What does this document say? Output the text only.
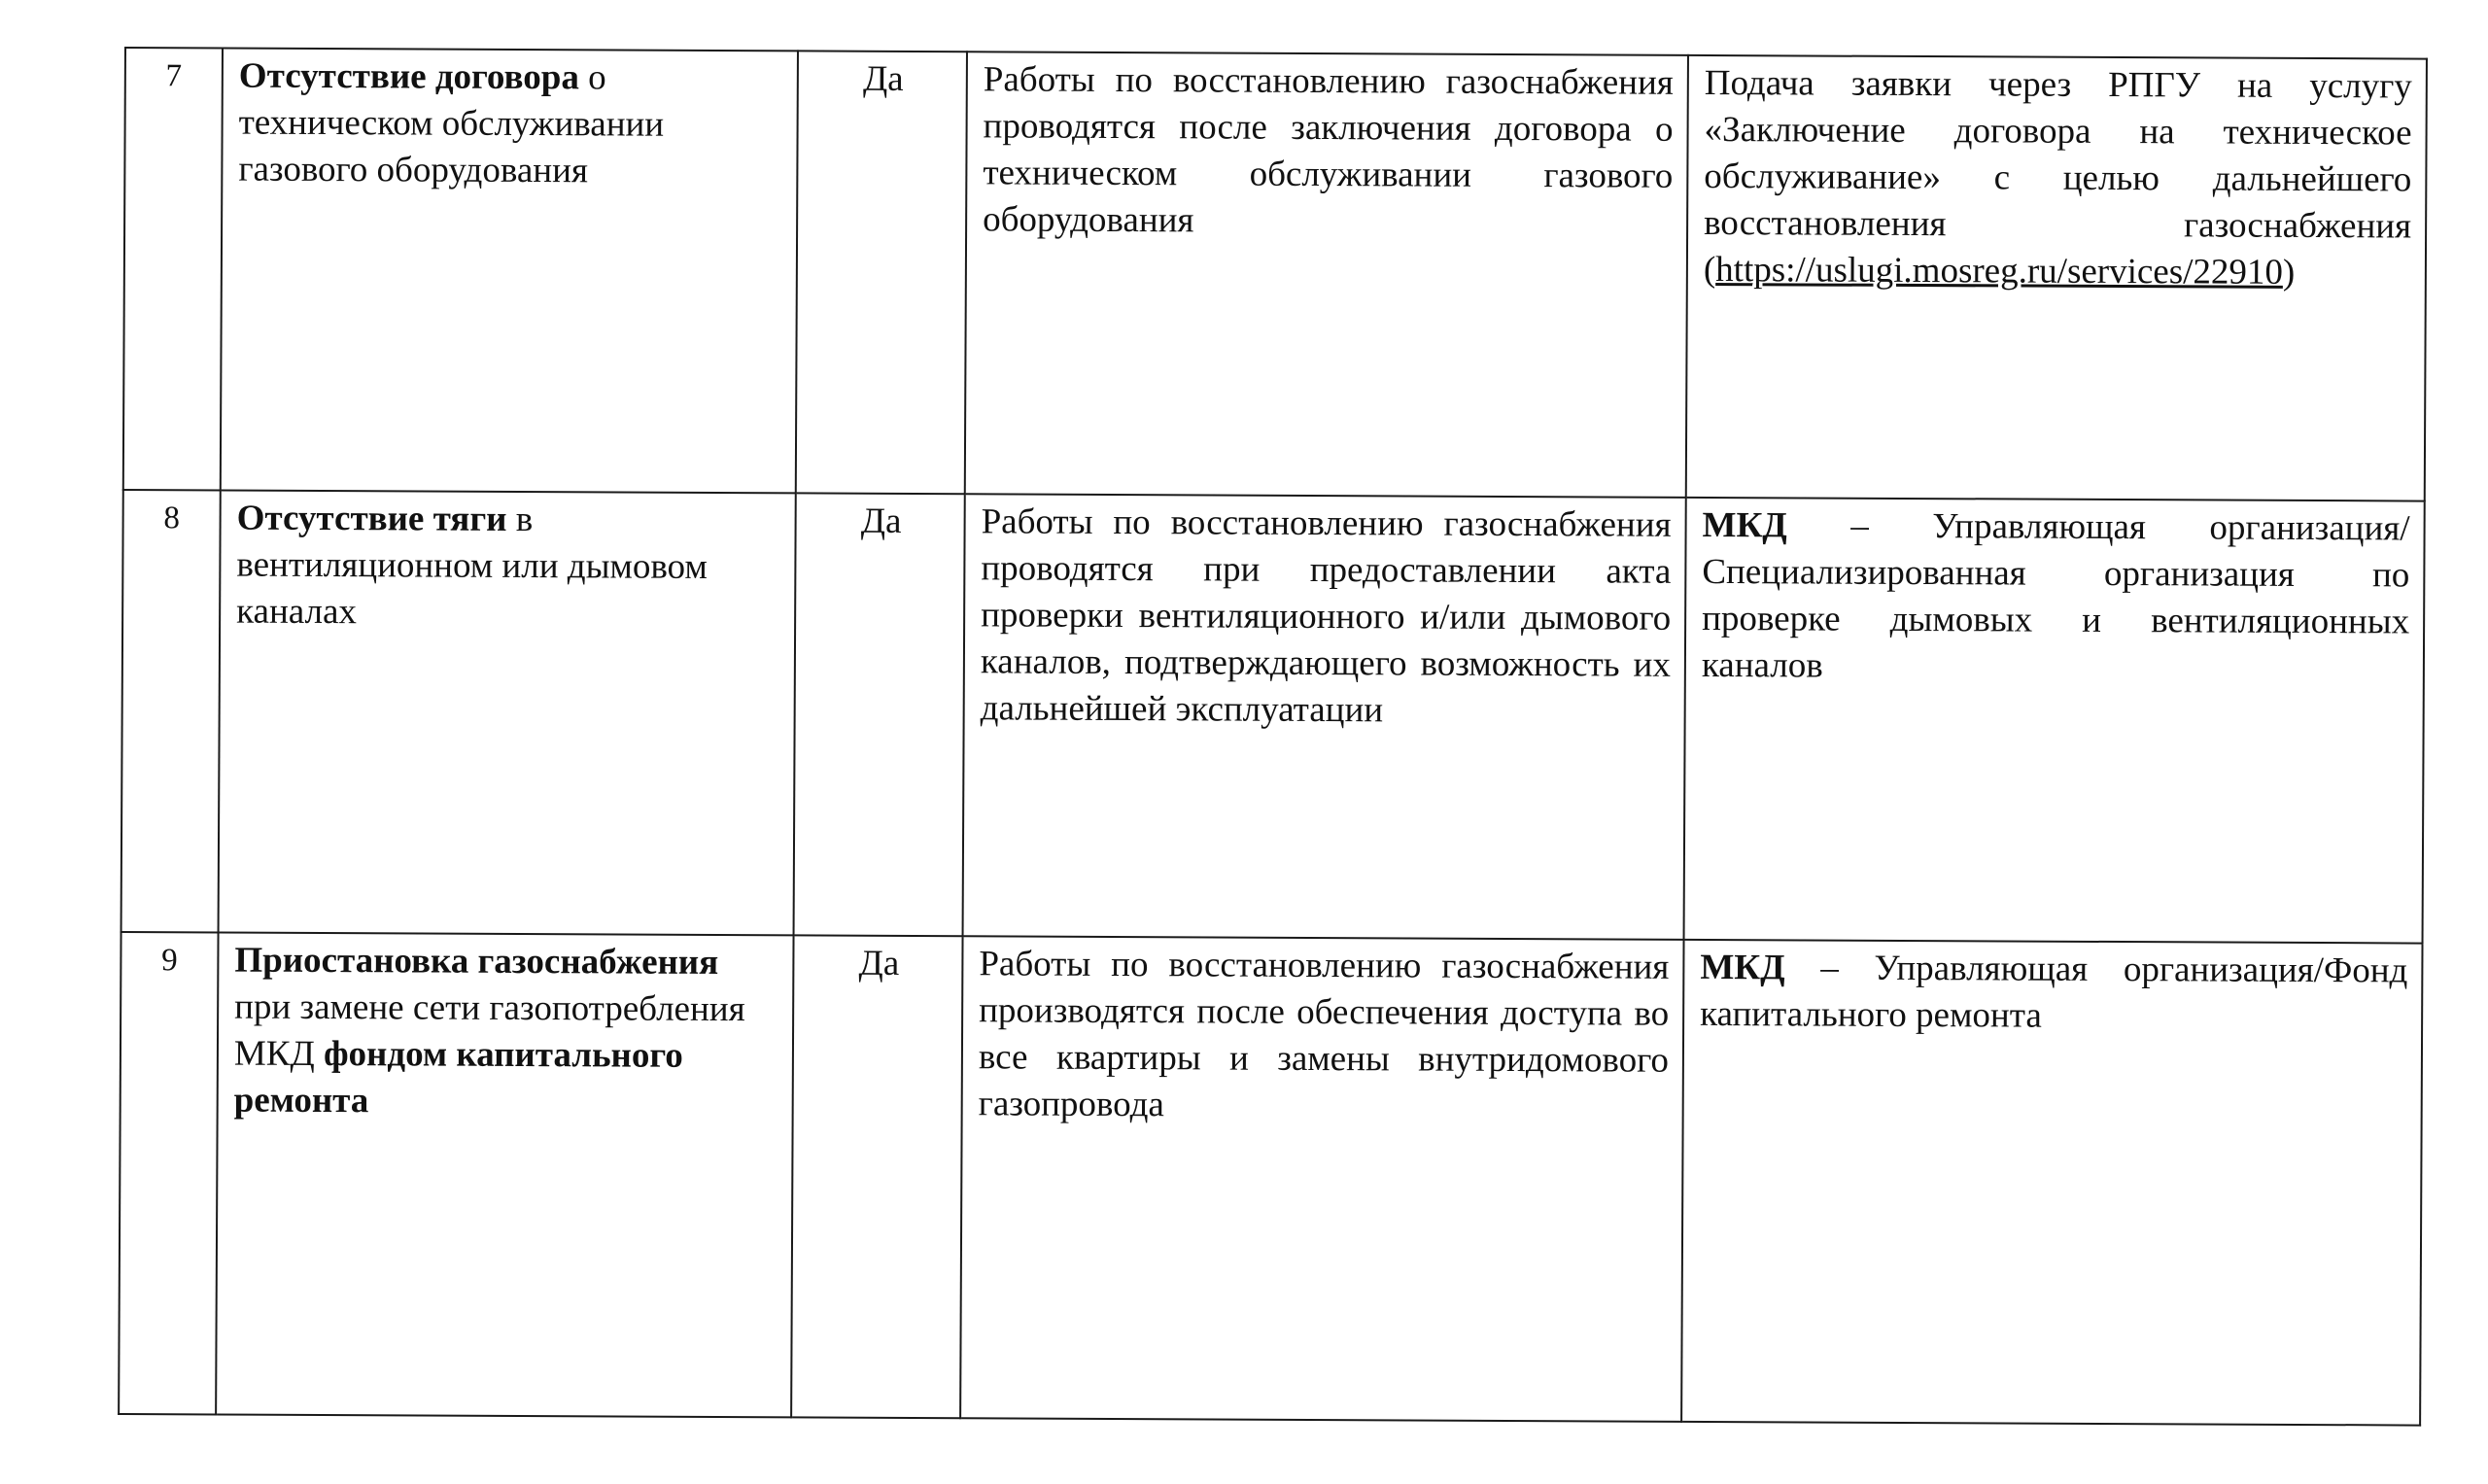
7	Отсутствие договора о техническом обслуживании газового оборудования	Да	Работы по восстановлению газоснабжения проводятся после заключения договора о техническом обслуживании газового оборудования	Подача заявки через РПГУ на услугу «Заключение договора на техническое обслуживание» с целью дальнейшего восстановления газоснабжения (https://uslugi.mosreg.ru/services/22910)
8	Отсутствие тяги в вентиляционном или дымовом каналах	Да	Работы по восстановлению газоснабжения проводятся при предоставлении акта проверки вентиляционного и/или дымового каналов, подтверждающего возможность их дальнейшей эксплуатации	МКД – Управляющая организация/ Специализированная организация по проверке дымовых и вентиляционных каналов
9	Приостановка газоснабжения при замене сети газопотребления МКД фондом капитального ремонта	Да	Работы по восстановлению газоснабжения производятся после обеспечения доступа во все квартиры и замены внутридомового газопровода	МКД – Управляющая организация/Фонд капитального ремонта
